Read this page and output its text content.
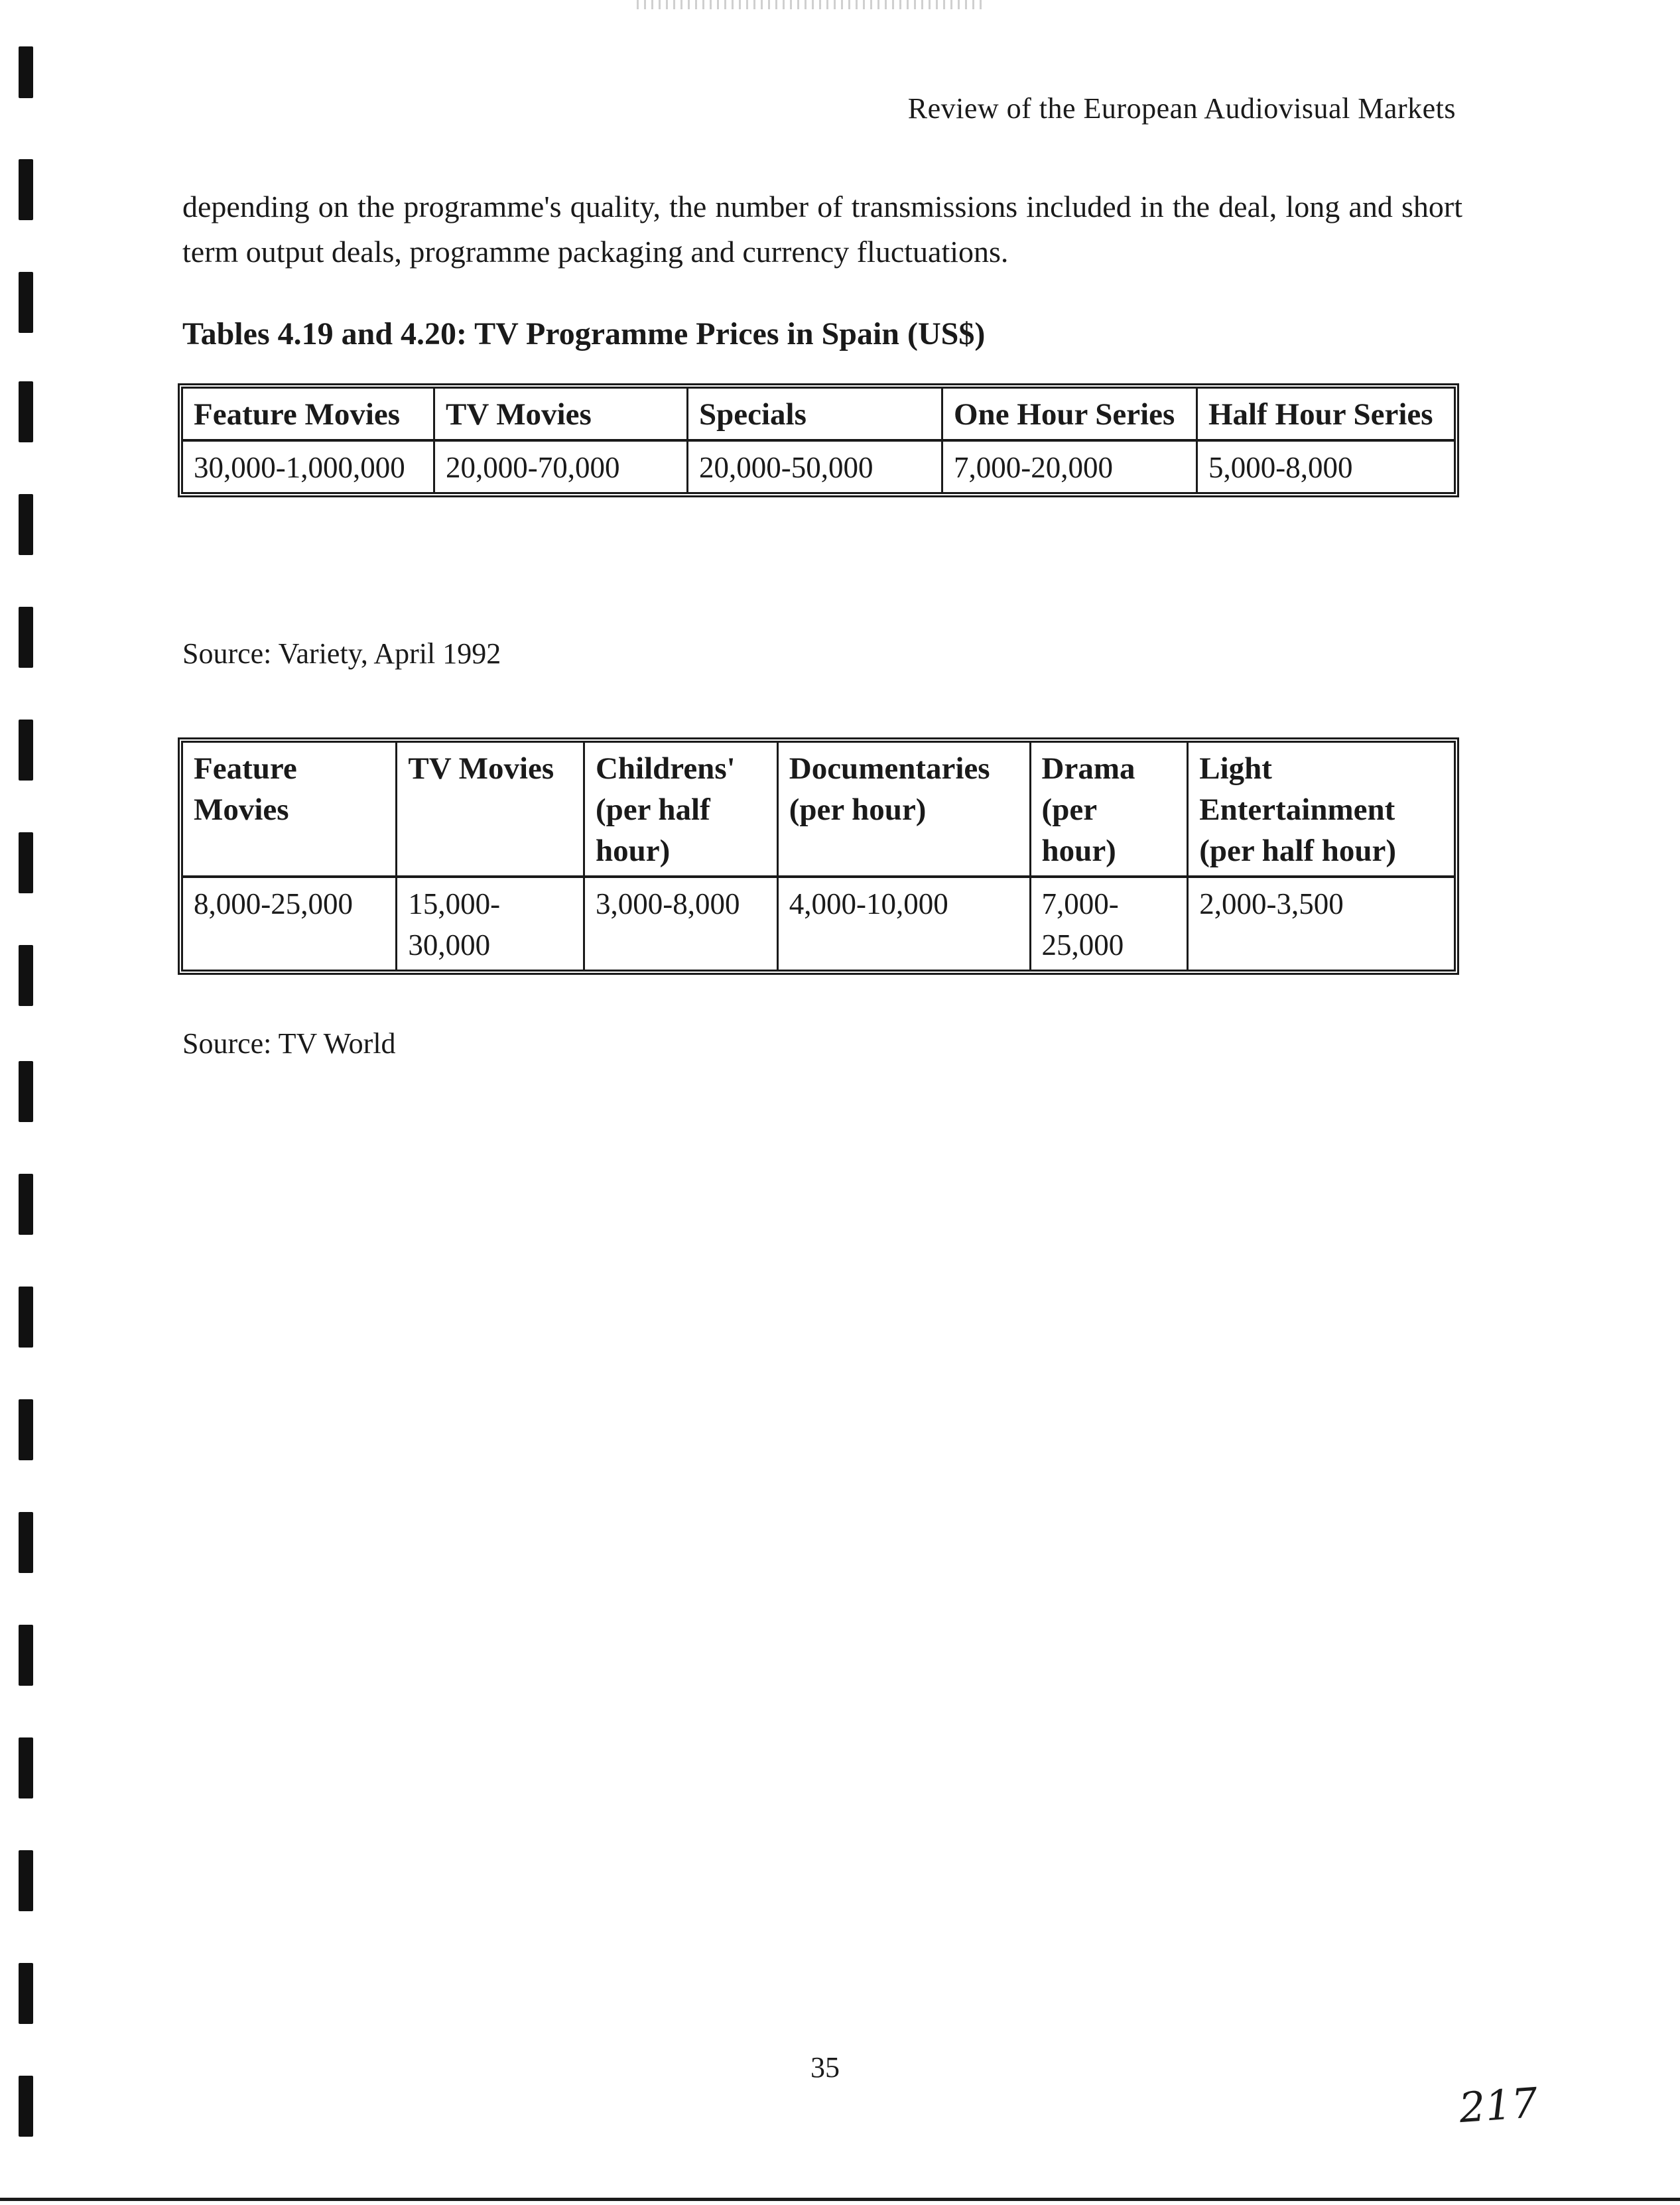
Review of the European Audiovisual Markets

depending on the programme's quality, the number of transmissions included in the deal, long and short term output deals, programme packaging and currency fluctuations.

Tables 4.19 and 4.20: TV Programme Prices in Spain (US$)
Feature Movies	TV Movies	Specials	One Hour Series	Half Hour Series
30,000-1,000,000	20,000-70,000	20,000-50,000	7,000-20,000	5,000-8,000
Source: Variety, April 1992
Feature Movies	TV Movies	Childrens' (per half hour)	Documentaries (per hour)	Drama (per hour)	Light Entertainment (per half hour)
8,000-25,000	15,000-30,000	3,000-8,000	4,000-10,000	7,000-25,000	2,000-3,500
Source: TV World
35
217
